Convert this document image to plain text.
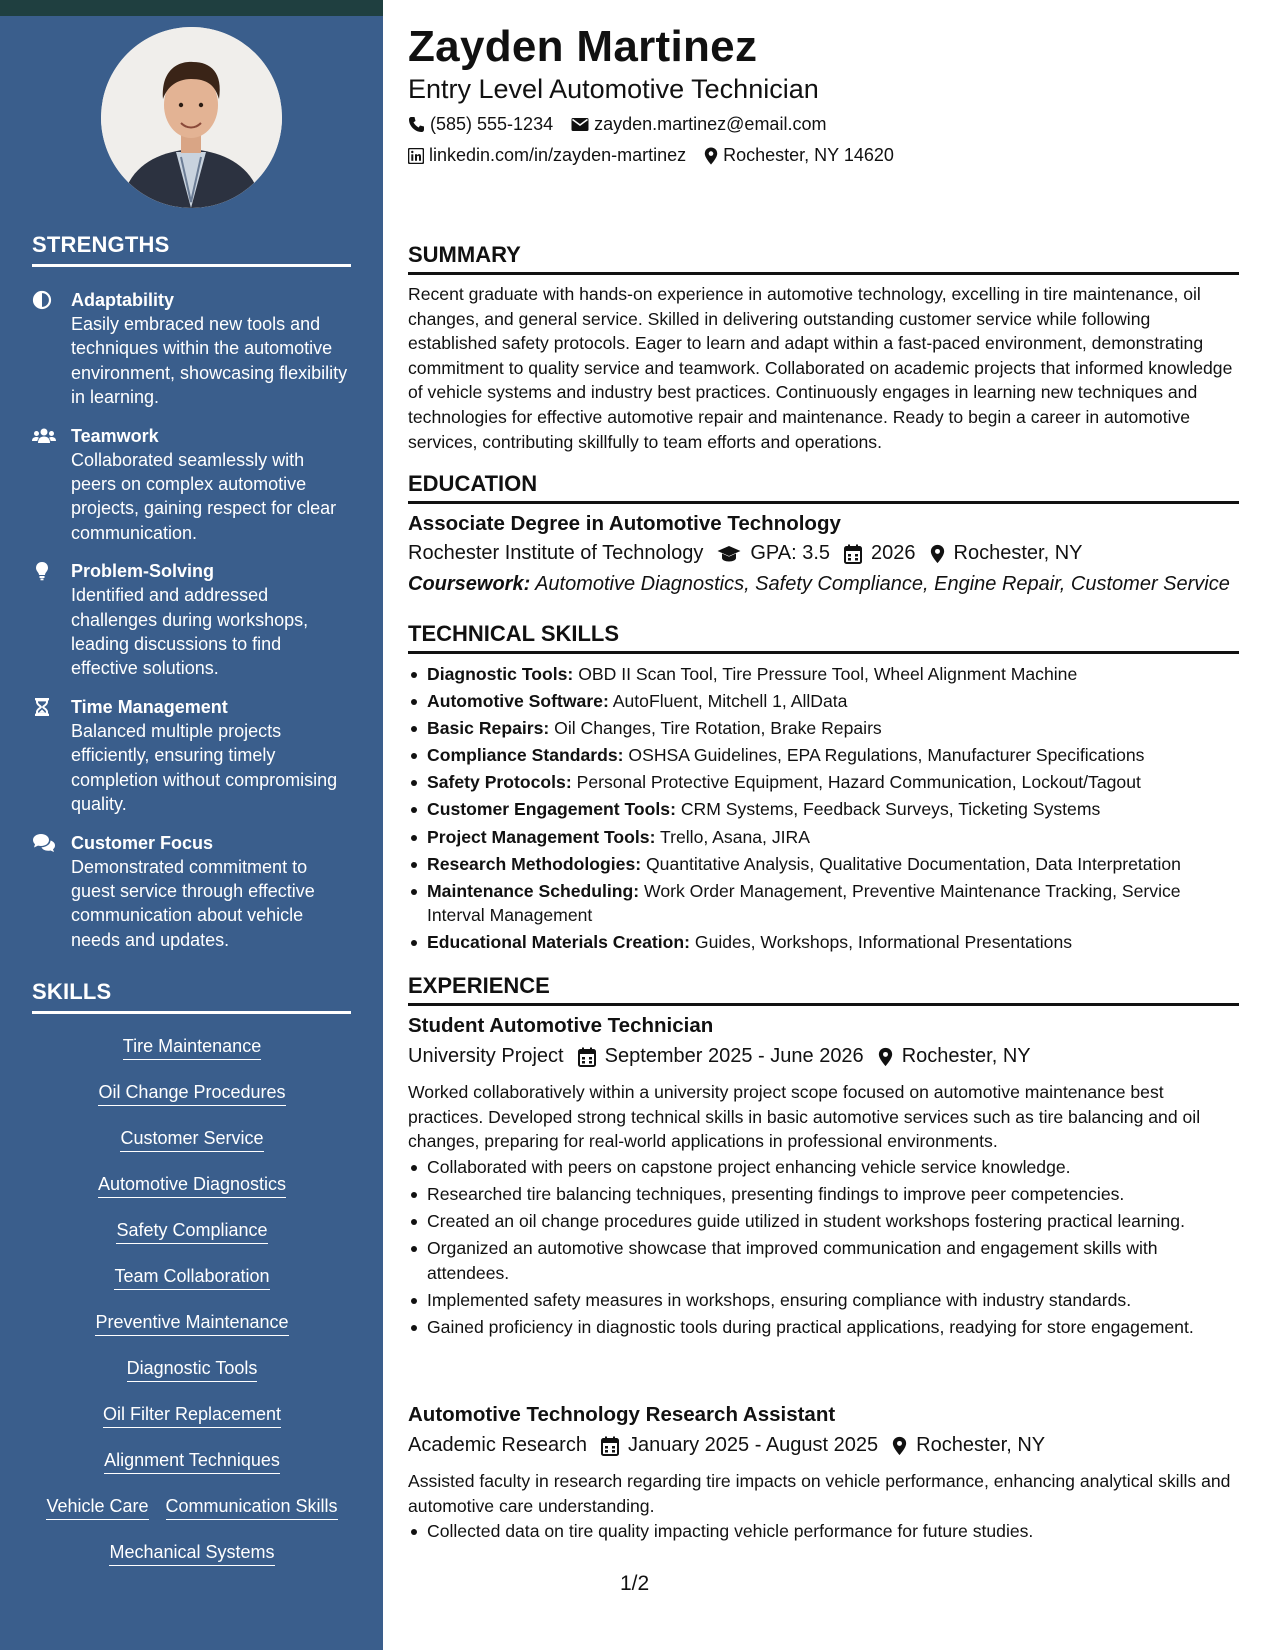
STRENGTHS
Adaptability
Easily embraced new tools and techniques within the automotive environment, showcasing flexibility in learning.
Teamwork
Collaborated seamlessly with peers on complex automotive projects, gaining respect for clear communication.
Problem-Solving
Identified and addressed challenges during workshops, leading discussions to find effective solutions.
Time Management
Balanced multiple projects efficiently, ensuring timely completion without compromising quality.
Customer Focus
Demonstrated commitment to guest service through effective communication about vehicle needs and updates.
SKILLS
Tire Maintenance
Oil Change Procedures
Customer Service
Automotive Diagnostics
Safety Compliance
Team Collaboration
Preventive Maintenance
Diagnostic Tools
Oil Filter Replacement
Alignment Techniques
Vehicle Care Communication Skills
Mechanical Systems
Zayden Martinez
Entry Level Automotive Technician
(585) 555-1234 zayden.martinez@email.com
linkedin.com/in/zayden-martinez Rochester, NY 14620
SUMMARY
Recent graduate with hands-on experience in automotive technology, excelling in tire maintenance, oil changes, and general service. Skilled in delivering outstanding customer service while following established safety protocols. Eager to learn and adapt within a fast-paced environment, demonstrating commitment to quality service and teamwork. Collaborated on academic projects that informed knowledge of vehicle systems and industry best practices. Continuously engages in learning new techniques and technologies for effective automotive repair and maintenance. Ready to begin a career in automotive services, contributing skillfully to team efforts and operations.
EDUCATION
Associate Degree in Automotive Technology
Rochester Institute of Technology GPA: 3.5 2026 Rochester, NY
Coursework: Automotive Diagnostics, Safety Compliance, Engine Repair, Customer Service
TECHNICAL SKILLS
Diagnostic Tools: OBD II Scan Tool, Tire Pressure Tool, Wheel Alignment Machine
Automotive Software: AutoFluent, Mitchell 1, AllData
Basic Repairs: Oil Changes, Tire Rotation, Brake Repairs
Compliance Standards: OSHSA Guidelines, EPA Regulations, Manufacturer Specifications
Safety Protocols: Personal Protective Equipment, Hazard Communication, Lockout/Tagout
Customer Engagement Tools: CRM Systems, Feedback Surveys, Ticketing Systems
Project Management Tools: Trello, Asana, JIRA
Research Methodologies: Quantitative Analysis, Qualitative Documentation, Data Interpretation
Maintenance Scheduling: Work Order Management, Preventive Maintenance Tracking, Service Interval Management
Educational Materials Creation: Guides, Workshops, Informational Presentations
EXPERIENCE
Student Automotive Technician
University Project September 2025 - June 2026 Rochester, NY
Worked collaboratively within a university project scope focused on automotive maintenance best practices. Developed strong technical skills in basic automotive services such as tire balancing and oil changes, preparing for real-world applications in professional environments.
Collaborated with peers on capstone project enhancing vehicle service knowledge.
Researched tire balancing techniques, presenting findings to improve peer competencies.
Created an oil change procedures guide utilized in student workshops fostering practical learning.
Organized an automotive showcase that improved communication and engagement skills with attendees.
Implemented safety measures in workshops, ensuring compliance with industry standards.
Gained proficiency in diagnostic tools during practical applications, readying for store engagement.
Automotive Technology Research Assistant
Academic Research January 2025 - August 2025 Rochester, NY
Assisted faculty in research regarding tire impacts on vehicle performance, enhancing analytical skills and automotive care understanding.
Collected data on tire quality impacting vehicle performance for future studies.
1/2
